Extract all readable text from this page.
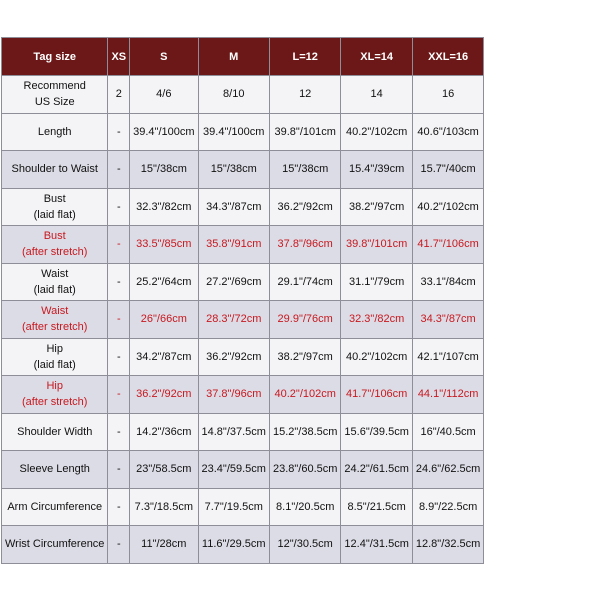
Tag size	XS	S	M	L=12	XL=14	XXL=16
Recommend
US Size	2	4/6	8/10	12	14	16
Length	-	39.4"/100cm	39.4"/100cm	39.8"/101cm	40.2"/102cm	40.6"/103cm
Shoulder to Waist	-	15"/38cm	15"/38cm	15"/38cm	15.4"/39cm	15.7"/40cm
Bust
(laid flat)	-	32.3"/82cm	34.3"/87cm	36.2"/92cm	38.2"/97cm	40.2"/102cm
Bust
(after stretch)	-	33.5"/85cm	35.8"/91cm	37.8"/96cm	39.8"/101cm	41.7"/106cm
Waist
(laid flat)	-	25.2"/64cm	27.2"/69cm	29.1"/74cm	31.1"/79cm	33.1"/84cm
Waist
(after stretch)	-	26"/66cm	28.3"/72cm	29.9"/76cm	32.3"/82cm	34.3"/87cm
Hip
(laid flat)	-	34.2"/87cm	36.2"/92cm	38.2"/97cm	40.2"/102cm	42.1"/107cm
Hip
(after stretch)	-	36.2"/92cm	37.8"/96cm	40.2"/102cm	41.7"/106cm	44.1"/112cm
Shoulder Width	-	14.2"/36cm	14.8"/37.5cm	15.2"/38.5cm	15.6"/39.5cm	16"/40.5cm
Sleeve Length	-	23"/58.5cm	23.4"/59.5cm	23.8"/60.5cm	24.2"/61.5cm	24.6"/62.5cm
Arm Circumference	-	7.3"/18.5cm	7.7"/19.5cm	8.1"/20.5cm	8.5"/21.5cm	8.9"/22.5cm
Wrist Circumference	-	11"/28cm	11.6"/29.5cm	12"/30.5cm	12.4"/31.5cm	12.8"/32.5cm
